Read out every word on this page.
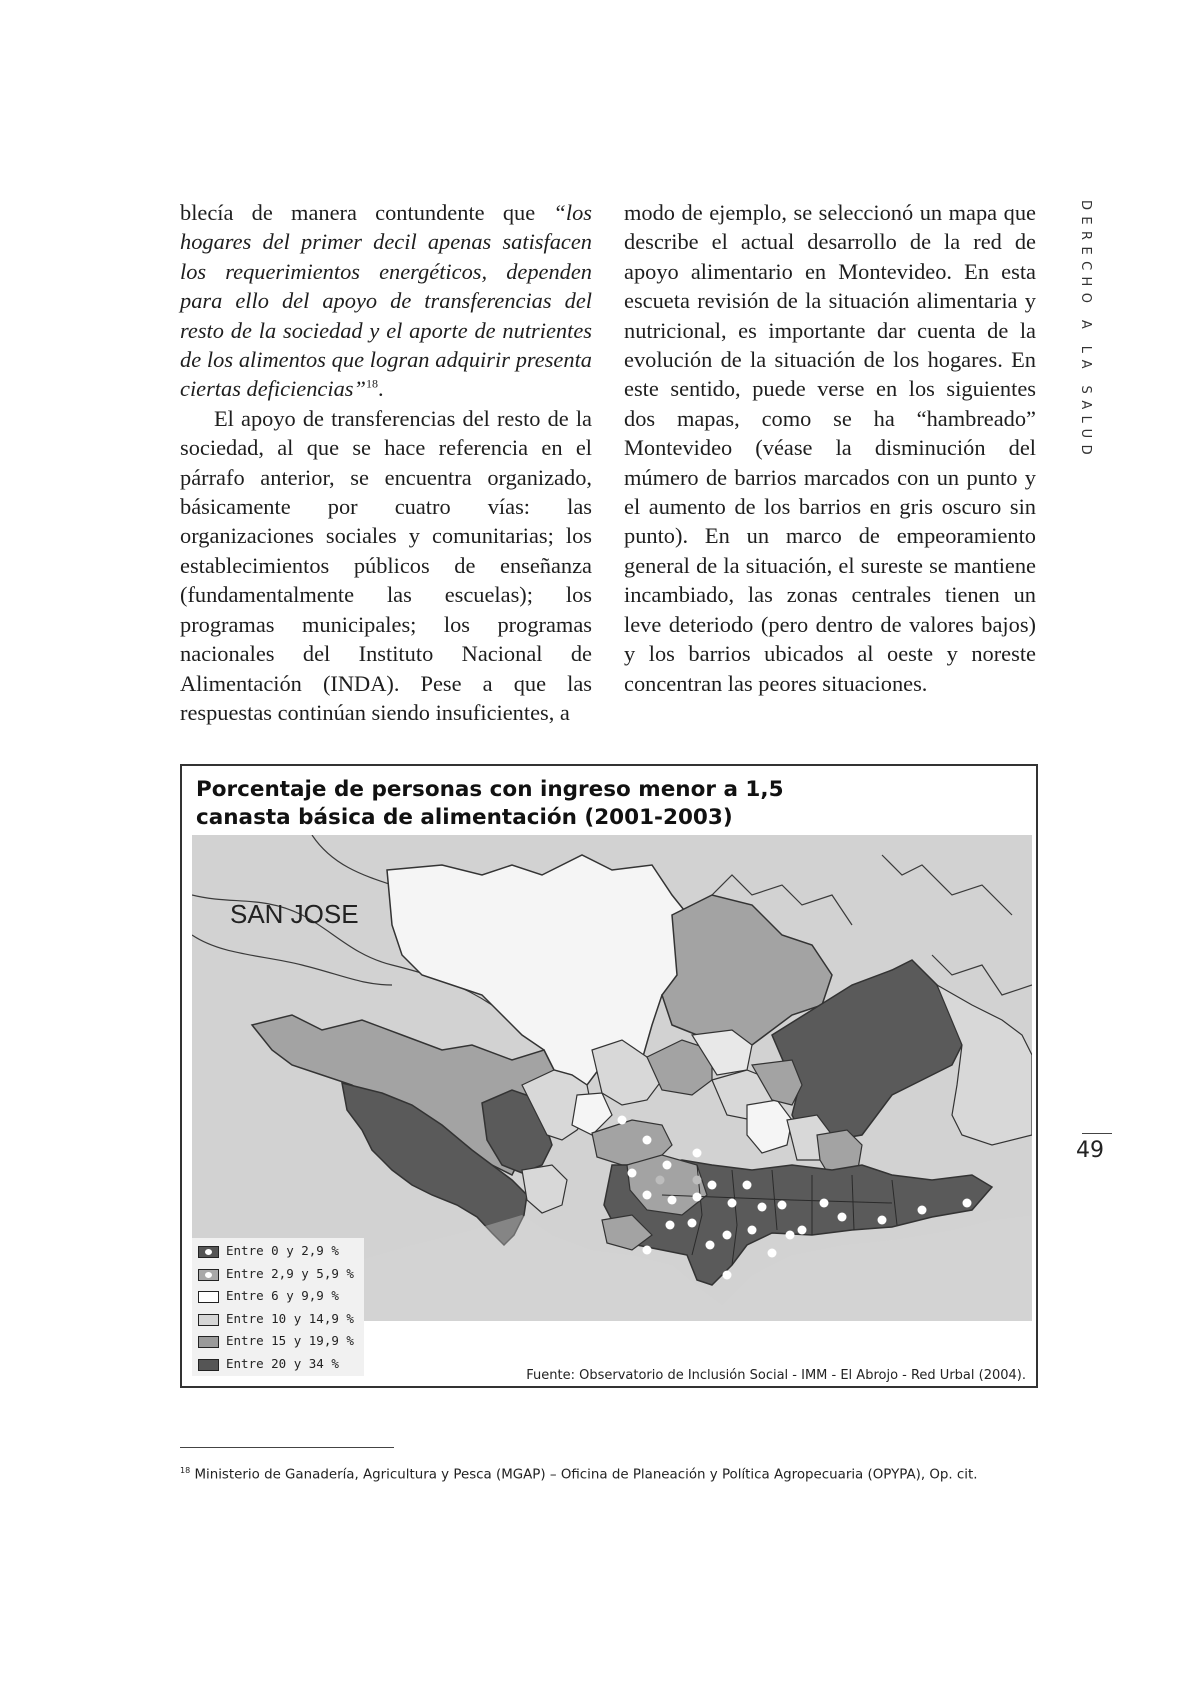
DERECHO A LA SALUD
49

blecía de manera contundente que “los hogares del primer decil apenas satisfacen los requerimientos energéticos, dependen para ello del apoyo de transferencias del resto de la sociedad y el aporte de nutrientes de los alimentos que logran adquirir presenta ciertas deficiencias”$^{18}$.

El apoyo de transferencias del resto de la sociedad, al que se hace referencia en el párrafo anterior, se encuentra organizado, básicamente por cuatro vías: las organizaciones sociales y comunitarias; los establecimientos públicos de enseñanza (fundamentalmente las escuelas); los programas municipales; los programas nacionales del Instituto Nacional de Alimentación (INDA). Pese a que las respuestas continúan siendo insuficientes, a

modo de ejemplo, se seleccionó un mapa que describe el actual desarrollo de la red de apoyo alimentario en Montevideo. En esta escueta revisión de la situación alimentaria y nutricional, es importante dar cuenta de la evolución de la situación de los hogares. En este sentido, puede verse en los siguientes dos mapas, como se ha “hambreado” Montevideo (véase la disminución del múmero de barrios marcados con un punto y el aumento de los barrios en gris oscuro sin punto). En un marco de empeoramiento general de la situación, el sureste se mantiene incambiado, las zonas centrales tienen un leve deteriodo (pero dentro de valores bajos) y los barrios ubicados al oeste y noreste concentran las peores situaciones.

Porcentaje de personas con ingreso menor a 1,5
canasta básica de alimentación (2001-2003)
SAN JOSE
Entre 0 y 2,9 %
Entre 2,9 y 5,9 %
Entre 6 y 9,9 %
Entre 10 y 14,9 %
Entre 15 y 19,9 %
Entre 20 y 34 %
Fuente: Observatorio de Inclusión Social - IMM - El Abrojo - Red Urbal (2004).
$^{18}$ Ministerio de Ganadería, Agricultura y Pesca (MGAP) – Oficina de Planeación y Política Agropecuaria (OPYPA), Op. cit.
